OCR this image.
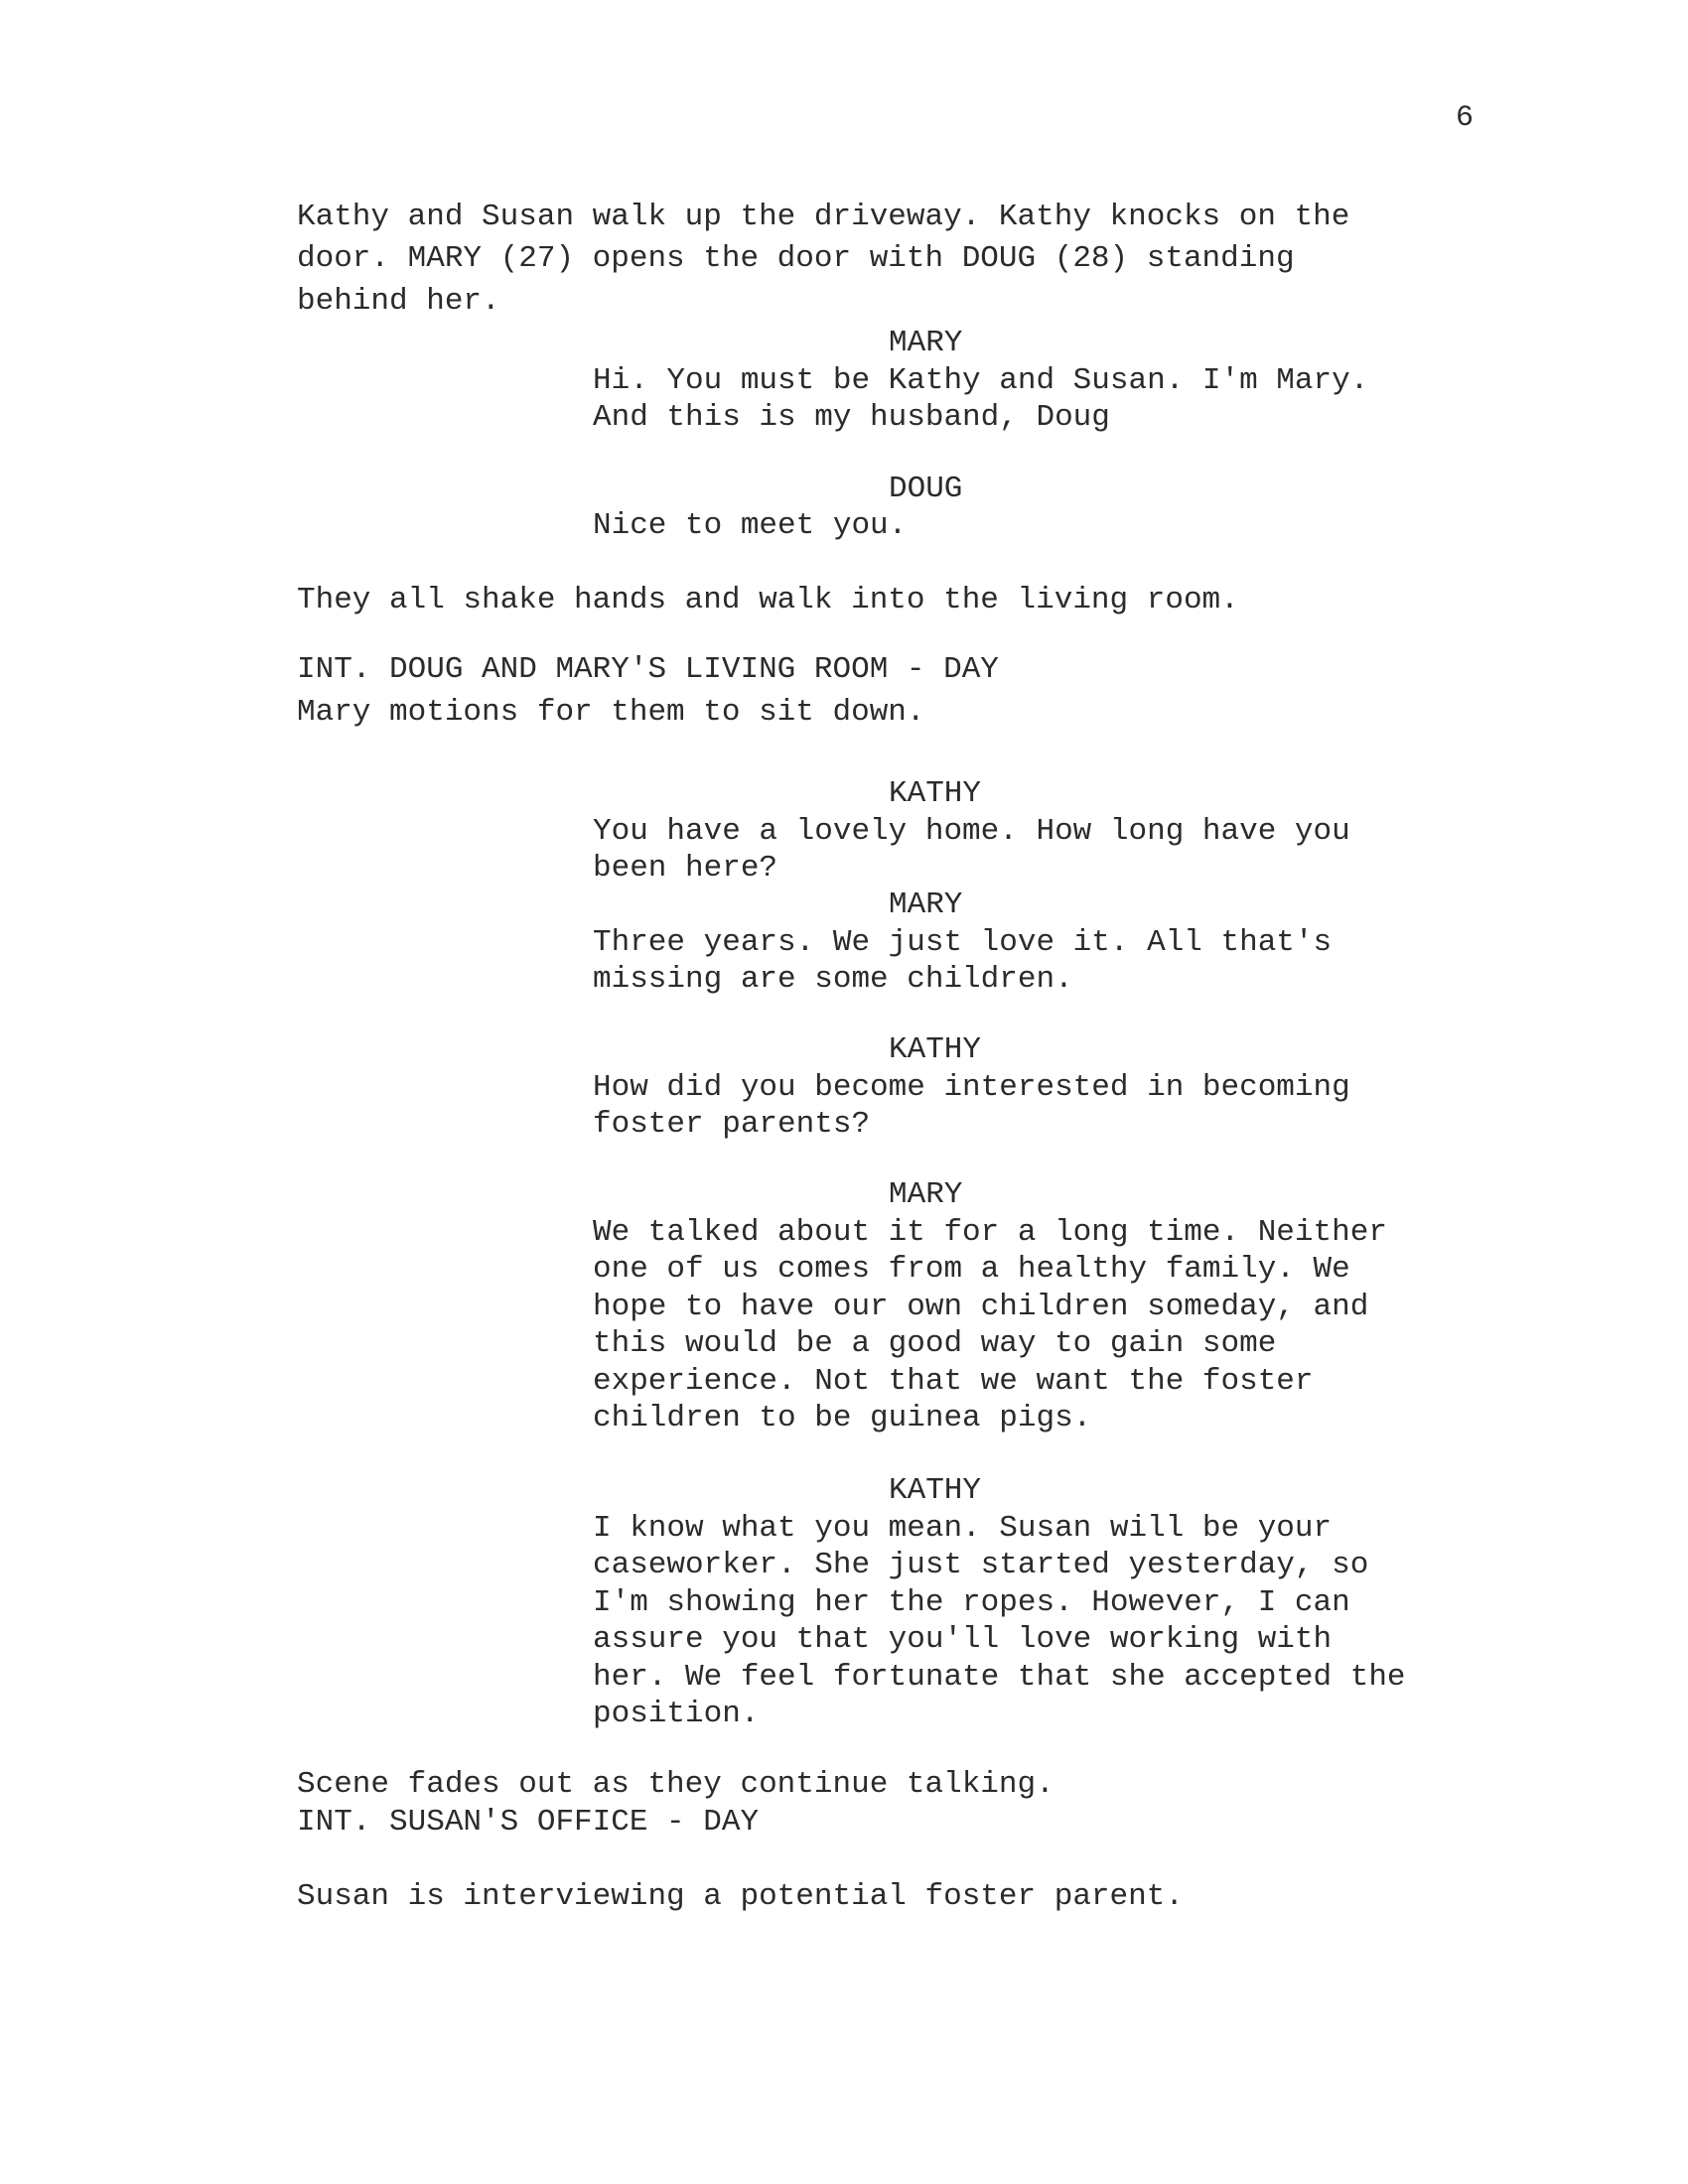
6

Kathy and Susan walk up the driveway. Kathy knocks on the

door. MARY (27) opens the door with DOUG (28) standing

behind her.

MARY

Hi. You must be Kathy and Susan. I'm Mary.

And this is my husband, Doug

DOUG

Nice to meet you.

They all shake hands and walk into the living room.

INT. DOUG AND MARY'S LIVING ROOM - DAY

Mary motions for them to sit down.

KATHY

You have a lovely home. How long have you

been here?

MARY

Three years. We just love it. All that's

missing are some children.

KATHY

How did you become interested in becoming

foster parents?

MARY

We talked about it for a long time. Neither

one of us comes from a healthy family. We

hope to have our own children someday, and

this would be a good way to gain some

experience. Not that we want the foster

children to be guinea pigs.

KATHY

I know what you mean. Susan will be your

caseworker. She just started yesterday, so

I'm showing her the ropes. However, I can

assure you that you'll love working with

her. We feel fortunate that she accepted the

position.

Scene fades out as they continue talking.

INT. SUSAN'S OFFICE - DAY

Susan is interviewing a potential foster parent.
